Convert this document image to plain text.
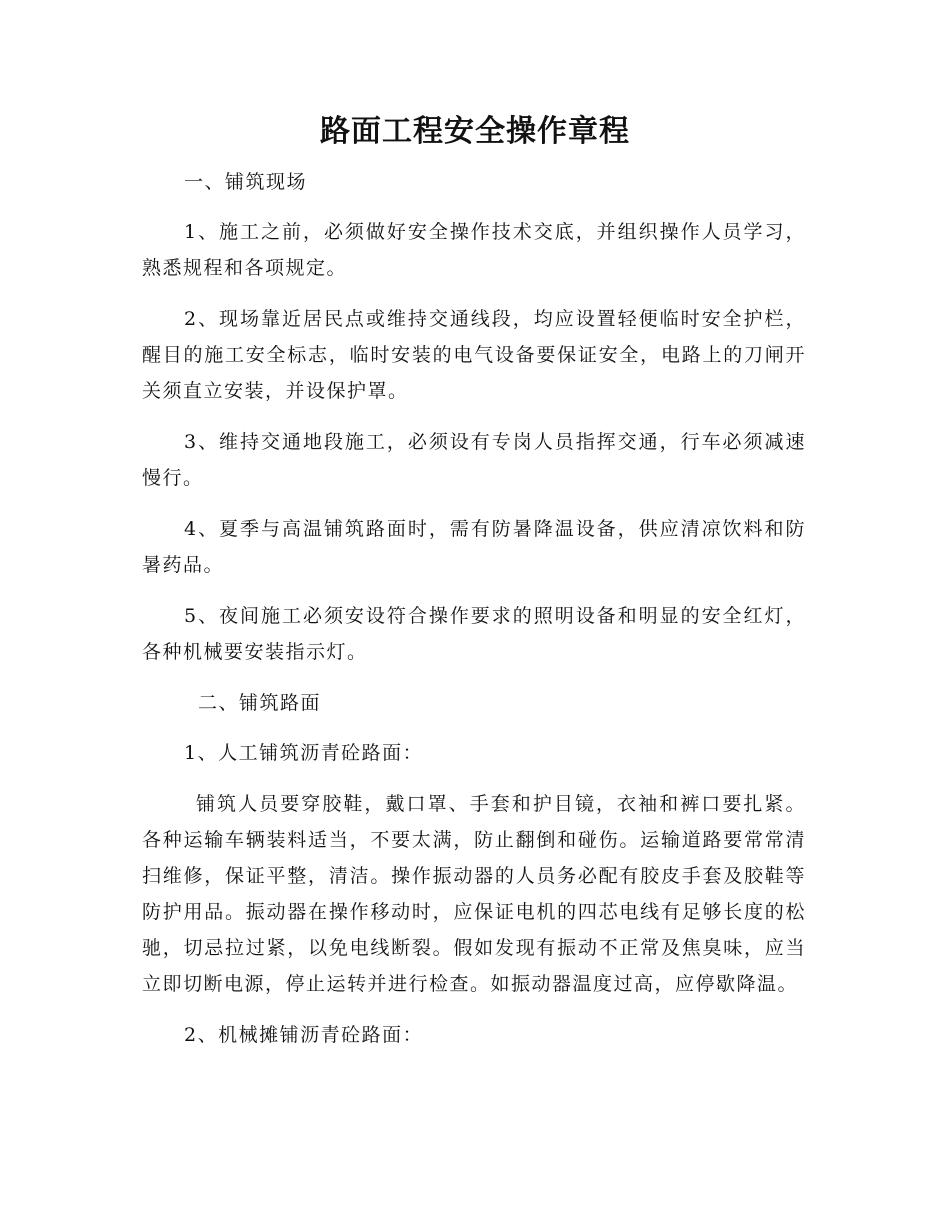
路面工程安全操作章程

一、铺筑现场

1、施工之前，必须做好安全操作技术交底，并组织操作人员学习，熟悉规程和各项规定。

2、现场靠近居民点或维持交通线段，均应设置轻便临时安全护栏，醒目的施工安全标志，临时安装的电气设备要保证安全，电路上的刀闸开关须直立安装，并设保护罩。

3、维持交通地段施工，必须设有专岗人员指挥交通，行车必须减速慢行。

4、夏季与高温铺筑路面时，需有防暑降温设备，供应清凉饮料和防暑药品。

5、夜间施工必须安设符合操作要求的照明设备和明显的安全红灯，各种机械要安装指示灯。

二、铺筑路面

1、人工铺筑沥青砼路面：

铺筑人员要穿胶鞋，戴口罩、手套和护目镜，衣袖和裤口要扎紧。各种运输车辆装料适当，不要太满，防止翻倒和碰伤。运输道路要常常清扫维修，保证平整，清洁。操作振动器的人员务必配有胶皮手套及胶鞋等防护用品。振动器在操作移动时，应保证电机的四芯电线有足够长度的松驰，切忌拉过紧，以免电线断裂。假如发现有振动不正常及焦臭味，应当立即切断电源，停止运转并进行检查。如振动器温度过高，应停歇降温。

2、机械摊铺沥青砼路面：
